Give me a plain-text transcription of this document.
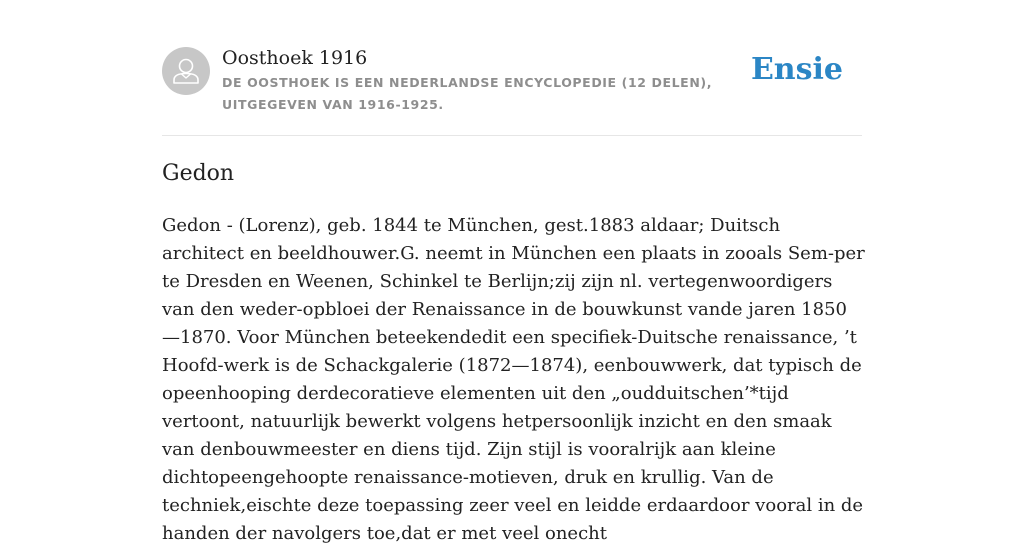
Oosthoek 1916
DE OOSTHOEK IS EEN NEDERLANDSE ENCYCLOPEDIE (12 DELEN), UITGEGEVEN VAN 1916-1925.
Ensie
Gedon

Gedon - (Lorenz), geb. 1844 te München, gest.1883 aldaar; Duitsch architect en beeldhouwer.G. neemt in München een plaats in zooals Sem-per te Dresden en Weenen, Schinkel te Berlijn;zij zijn nl. vertegenwoordigers van den weder-opbloei der Renaissance in de bouwkunst vande jaren 1850 —1870. Voor München beteekendedit een specifiek-Duitsche renaissance, ’t Hoofd-werk is de Schackgalerie (1872—1874), eenbouwwerk, dat typisch de opeenhooping derdecoratieve elementen uit den „oudduitschen’*tijd vertoont, natuurlijk bewerkt volgens hetpersoonlijk inzicht en den smaak van denbouwmeester en diens tijd. Zijn stijl is vooralrijk aan kleine dichtopeengehoopte renaissance-motieven, druk en krullig. Van de techniek,eischte deze toepassing zeer veel en leidde erdaardoor vooral in de handen der navolgers toe,dat er met veel onecht
